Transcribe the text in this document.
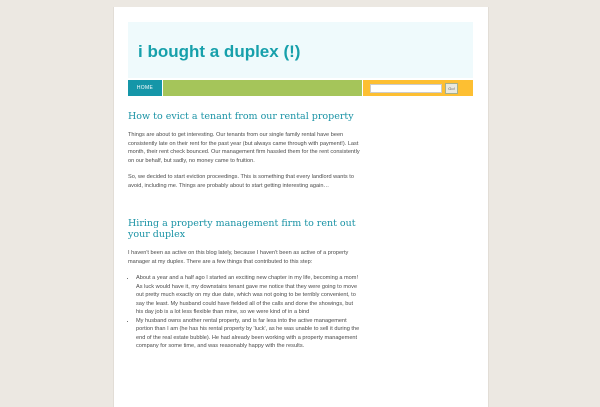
i bought a duplex (!)
HOME	Go!
How to evict a tenant from our rental property

Things are about to get interesting. Our tenants from our single family rental have been consistently late on their rent for the past year (but always came through with payment!). Last month, their rent check bounced. Our management firm hassled them for the rent consistently on our behalf, but sadly, no money came to fruition.

So, we decided to start eviction proceedings. This is something that every landlord wants to avoid, including me. Things are probably about to start getting interesting again…

Hiring a property management firm to rent out your duplex

I haven't been as active on this blog lately, because I haven't been as active of a property manager at my duplex. There are a few things that contributed to this step:

• About a year and a half ago I started an exciting new chapter in my life, becoming a mom! As luck would have it, my downstairs tenant gave me notice that they were going to move out pretty much exactly on my due date, which was not going to be terribly convenient, to say the least. My husband could have fielded all of the calls and done the showings, but his day job is a lot less flexible than mine, so we were kind of in a bind
• My husband owns another rental property, and is far less into the active management portion than I am (he has his rental property by 'luck', as he was unable to sell it during the end of the real estate bubble). He had already been working with a property management company for some time, and was reasonably happy with the results.
